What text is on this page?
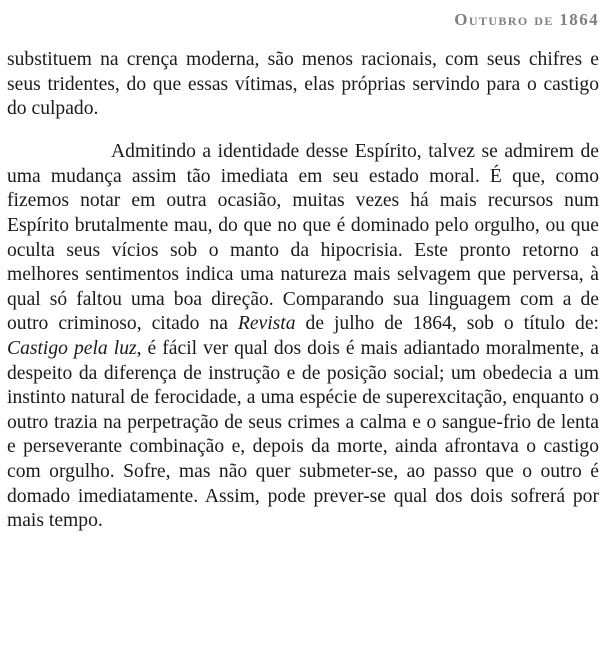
Outubro de 1864

substituem na crença moderna, são menos racionais, com seus chifres e seus tridentes, do que essas vítimas, elas próprias servindo para o castigo do culpado.

Admitindo a identidade desse Espírito, talvez se admirem de uma mudança assim tão imediata em seu estado moral. É que, como fizemos notar em outra ocasião, muitas vezes há mais recursos num Espírito brutalmente mau, do que no que é dominado pelo orgulho, ou que oculta seus vícios sob o manto da hipocrisia. Este pronto retorno a melhores sentimentos indica uma natureza mais selvagem que perversa, à qual só faltou uma boa direção. Comparando sua linguagem com a de outro criminoso, citado na Revista de julho de 1864, sob o título de: Castigo pela luz, é fácil ver qual dos dois é mais adiantado moralmente, a despeito da diferença de instrução e de posição social; um obedecia a um instinto natural de ferocidade, a uma espécie de superexcitação, enquanto o outro trazia na perpetração de seus crimes a calma e o sangue-frio de lenta e perseverante combinação e, depois da morte, ainda afrontava o castigo com orgulho. Sofre, mas não quer submeter-se, ao passo que o outro é domado imediatamente. Assim, pode prever-se qual dos dois sofrerá por mais tempo.
